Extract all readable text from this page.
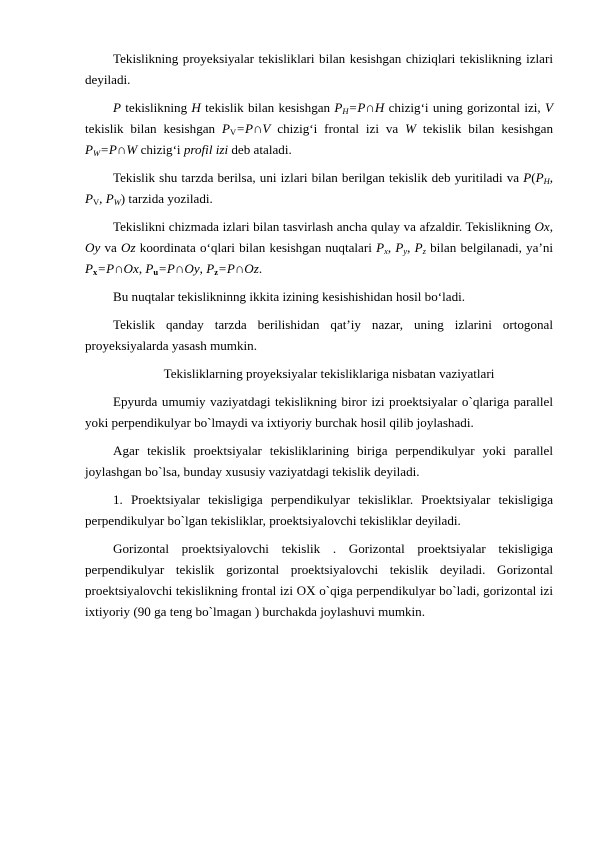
Tekislikning proyeksiyalar tekisliklari bilan kesishgan chiziqlari tekislikning izlari deyiladi.

P tekislikning H tekislik bilan kesishgan $P_H=P\cap H$ chizig‘i uning gorizontal izi, V tekislik bilan kesishgan $P_V=P\cap V$ chizig‘i frontal izi va W tekislik bilan kesishgan $P_W=P\cap W$ chizig‘i profil izi deb ataladi.

Tekislik shu tarzda berilsa, uni izlari bilan berilgan tekislik deb yuritiladi va $P(P_H$, $P_V$, $P_W$) tarzida yoziladi.

Tekislikni chizmada izlari bilan tasvirlash ancha qulay va afzaldir. Tekislikning Ox, Oy va Oz koordinata o‘qlari bilan kesishgan nuqtalari $P_x$, $P_y$, $P_z$ bilan belgilanadi, ya’ni $P_x=P\cap Ox$, $P_u=P\cap Oy$, $P_z=P\cap Oz$.

Bu nuqtalar tekislikninng ikkita izining kesishishidan hosil bo‘ladi.

Tekislik qanday tarzda berilishidan qat’iy nazar, uning izlarini ortogonal proyeksiyalarda yasash mumkin.

Tekisliklarning proyeksiyalar tekisliklariga nisbatan vaziyatlari

Epyurda umumiy vaziyatdagi tekislikning biror izi proektsiyalar o`qlariga parallel yoki perpendikulyar bo`lmaydi va ixtiyoriy burchak hosil qilib joylashadi.

Agar tekislik proektsiyalar tekisliklarining biriga perpendikulyar yoki parallel joylashgan bo`lsa, bunday xususiy vaziyatdagi tekislik deyiladi.

1. Proektsiyalar tekisligiga perpendikulyar tekisliklar. Proektsiyalar tekisligiga perpendikulyar bo`lgan tekisliklar, proektsiyalovchi tekisliklar deyiladi.

Gorizontal proektsiyalovchi tekislik . Gorizontal proektsiyalar tekisligiga perpendikulyar tekislik gorizontal proektsiyalovchi tekislik deyiladi. Gorizontal proektsiyalovchi tekislikning frontal izi OX o`qiga perpendikulyar bo`ladi, gorizontal izi ixtiyoriy (90 ga teng bo`lmagan ) burchakda joylashuvi mumkin.
